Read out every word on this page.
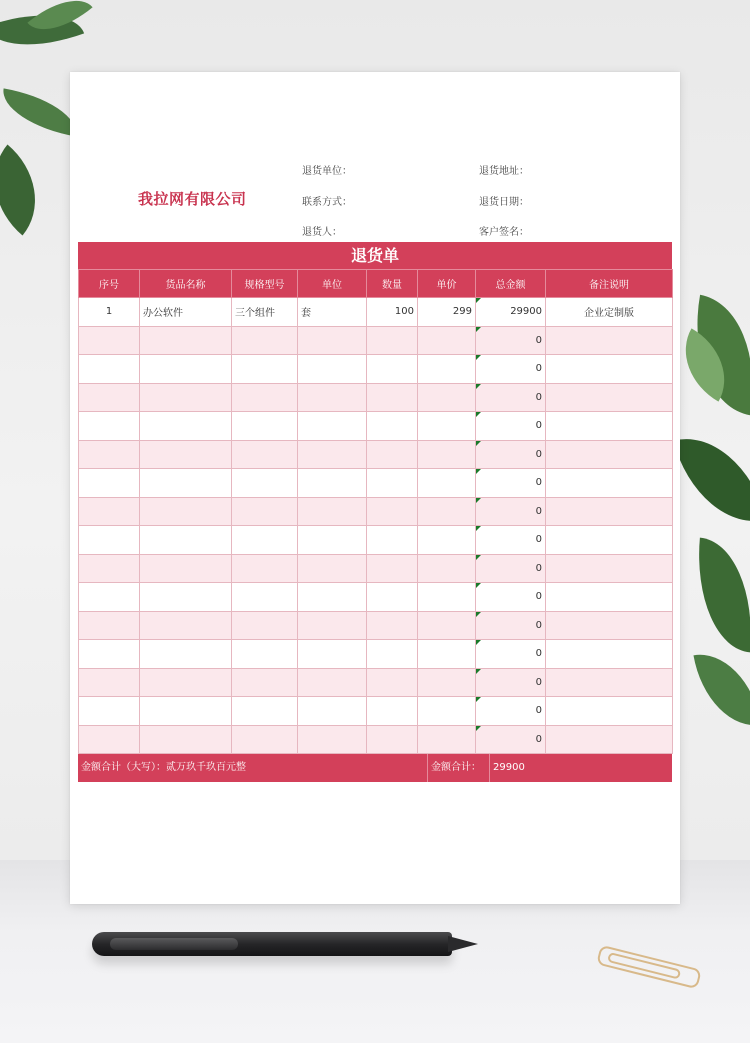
我拉网有限公司
退货单位：	退货地址：
联系方式：	退货日期：
退货人：	客户签名：
退货单
序号	货品名称	规格型号	单位	数量	单价	总金额	备注说明
1	办公软件	三个组件	套	100	299	29900	企业定制版
						0	
						0	
						0	
						0	
						0	
						0	
						0	
						0	
						0	
						0	
						0	
						0	
						0	
						0	
						0	
金额合计（大写）：贰万玖千玖百元整	金额合计：	29900
